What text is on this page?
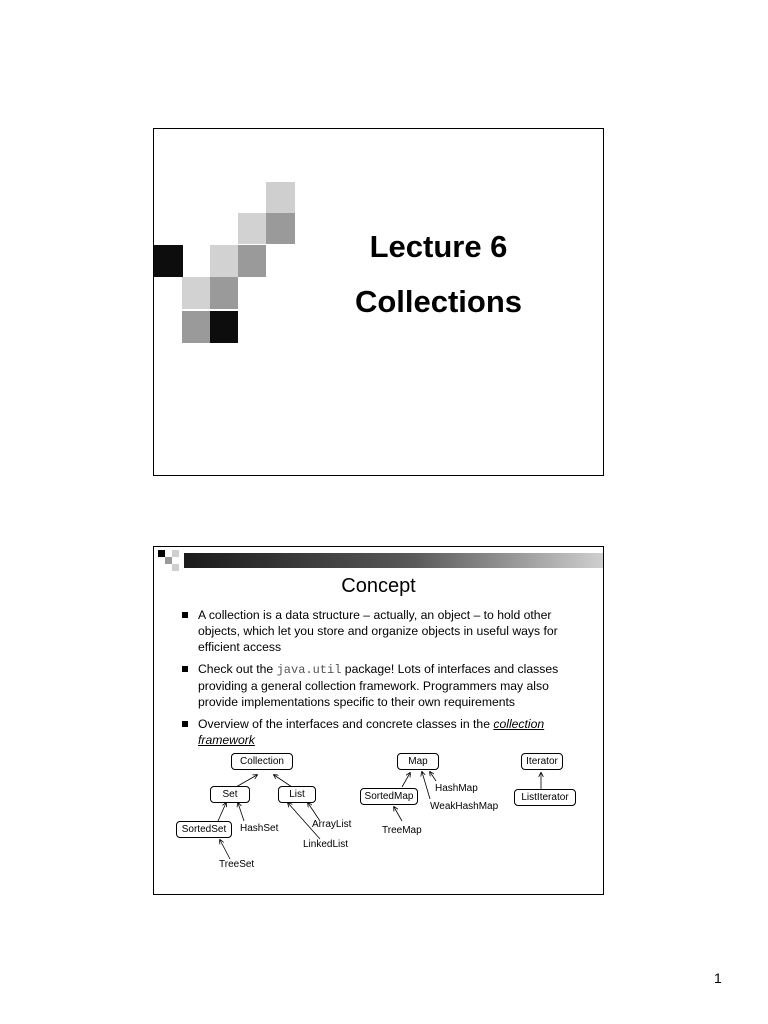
Lecture 6
Collections
Concept
A collection is a data structure – actually, an object – to hold other objects, which let you store and organize objects in useful ways for efficient access
Check out the java.util package! Lots of interfaces and classes providing a general collection framework. Programmers may also provide implementations specific to their own requirements
Overview of the interfaces and concrete classes in the collection framework
Collection
Set	List
SortedSet	HashSet	ArrayList
LinkedList
TreeSet
Map
SortedMap
HashMap
WeakHashMap
TreeMap
Iterator
ListIterator
1
